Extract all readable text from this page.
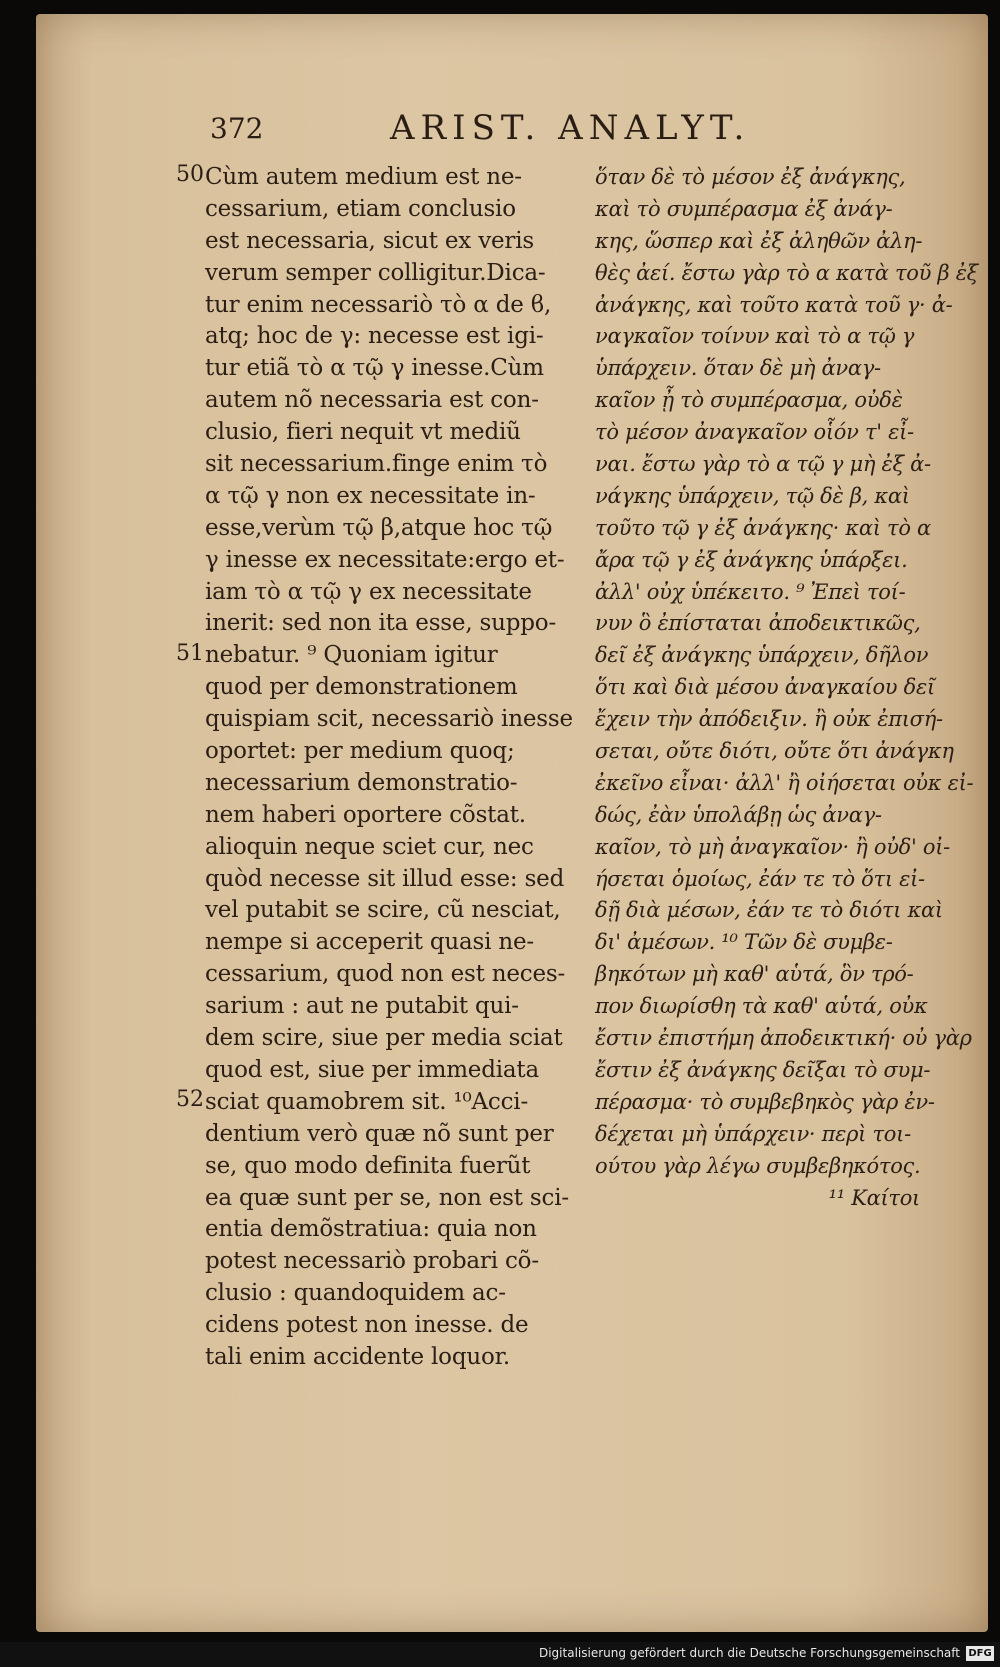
372	ARIST. ANALYT.
50
51
52
Cùm autem medium est ne-
cessarium, etiam conclusio
est necessaria, sicut ex veris
verum semper colligitur.Dica-
tur enim necessariò τὸ α de ϐ,
atq; hoc de γ: necesse est igi-
tur etiã τὸ α τῷ γ inesse.Cùm
autem nõ necessaria est con-
clusio, fieri nequit vt mediũ
sit necessarium.finge enim τὸ
α τῷ γ non ex necessitate in-
esse,verùm τῷ β,atque hoc τῷ
γ inesse ex necessitate:ergo et-
iam τὸ α τῷ γ ex necessitate
inerit: sed non ita esse, suppo-
nebatur. ⁹ Quoniam igitur
quod per demonstrationem
quispiam scit, necessariò inesse
oportet: per medium quoq;
necessarium demonstratio-
nem haberi oportere cõstat.
alioquin neque sciet cur, nec
quòd necesse sit illud esse: sed
vel putabit se scire, cũ nesciat,
nempe si acceperit quasi ne-
cessarium, quod non est neces-
sarium : aut ne putabit qui-
dem scire, siue per media sciat
quod est, siue per immediata
sciat quamobrem sit. ¹⁰Acci-
dentium verò quæ nõ sunt per
se, quo modo definita fuerũt
ea quæ sunt per se, non est sci-
entia demõstratiua: quia non
potest necessariò probari cõ-
clusio : quandoquidem ac-
cidens potest non inesse. de
tali enim accidente loquor.
ὅταν δὲ τὸ μέσον ἐξ ἀνάγκης,
καὶ τὸ συμπέρασμα ἐξ ἀνάγ-
κης, ὥσπερ καὶ ἐξ ἀληθῶν ἀλη-
θὲς ἀεί. ἔστω γὰρ τὸ α κατὰ τοῦ β ἐξ
ἀνάγκης, καὶ τοῦτο κατὰ τοῦ γ· ἀ-
ναγκαῖον τοίνυν καὶ τὸ α τῷ γ
ὑπάρχειν. ὅταν δὲ μὴ ἀναγ-
καῖον ᾖ τὸ συμπέρασμα, οὐδὲ
τὸ μέσον ἀναγκαῖον οἷόν τ' εἶ-
ναι. ἔστω γὰρ τὸ α τῷ γ μὴ ἐξ ἀ-
νάγκης ὑπάρχειν, τῷ δὲ β, καὶ
τοῦτο τῷ γ ἐξ ἀνάγκης· καὶ τὸ α
ἄρα τῷ γ ἐξ ἀνάγκης ὑπάρξει.
ἀλλ' οὐχ ὑπέκειτο. ⁹ Ἐπεὶ τοί-
νυν ὃ ἐπίσταται ἀποδεικτικῶς,
δεῖ ἐξ ἀνάγκης ὑπάρχειν, δῆλον
ὅτι καὶ διὰ μέσου ἀναγκαίου δεῖ
ἔχειν τὴν ἀπόδειξιν. ἢ οὐκ ἐπισή-
σεται, οὔτε διότι, οὔτε ὅτι ἀνάγκη
ἐκεῖνο εἶναι· ἀλλ' ἢ οἰήσεται οὐκ εἰ-
δώς, ἐὰν ὑπολάβῃ ὡς ἀναγ-
καῖον, τὸ μὴ ἀναγκαῖον· ἢ οὐδ' οἰ-
ήσεται ὁμοίως, ἐάν τε τὸ ὅτι εἰ-
δῇ διὰ μέσων, ἐάν τε τὸ διότι καὶ
δι' ἀμέσων. ¹⁰ Τῶν δὲ συμβε-
βηκότων μὴ καθ' αὑτά, ὃν τρό-
πον διωρίσθη τὰ καθ' αὑτά, οὐκ
ἔστιν ἐπιστήμη ἀποδεικτική· οὐ γὰρ
ἔστιν ἐξ ἀνάγκης δεῖξαι τὸ συμ-
πέρασμα· τὸ συμβεβηκὸς γὰρ ἐν-
δέχεται μὴ ὑπάρχειν· περὶ τοι-
ούτου γὰρ λέγω συμβεβηκότος.
¹¹ Καίτοι
Digitalisierung gefördert durch die Deutsche Forschungsgemeinschaft DFG
